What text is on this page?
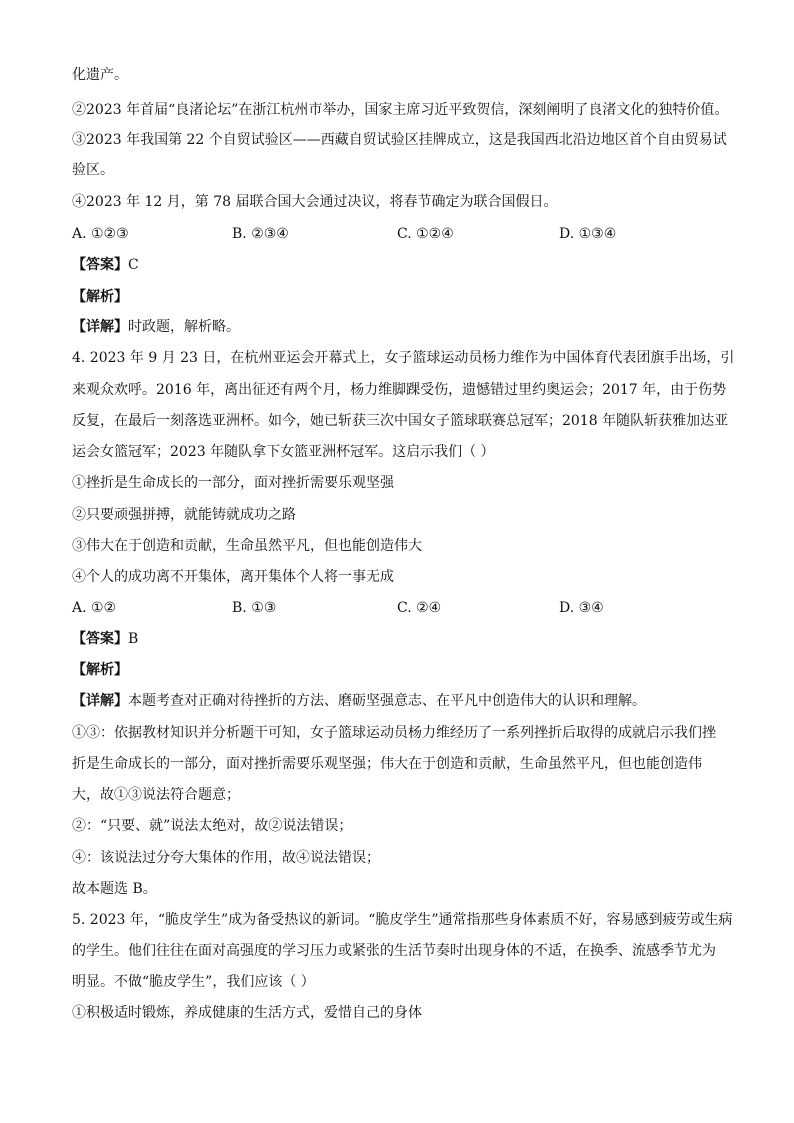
化遗产。
②2023 年首届“良渚论坛”在浙江杭州市举办，国家主席习近平致贺信，深刻阐明了良渚文化的独特价值。
③2023 年我国第 22 个自贸试验区——西藏自贸试验区挂牌成立，这是我国西北沿边地区首个自由贸易试
验区。
④2023 年 12 月，第 78 届联合国大会通过决议，将春节确定为联合国假日。
A. ①②③	B. ②③④	C. ①②④	D. ①③④
【答案】C
【解析】
【详解】时政题，解析略。
4. 2023 年 9 月 23 日，在杭州亚运会开幕式上，女子篮球运动员杨力维作为中国体育代表团旗手出场，引
来观众欢呼。2016 年，离出征还有两个月，杨力维脚踝受伤，遗憾错过里约奥运会；2017 年，由于伤势
反复，在最后一刻落选亚洲杯。如今，她已斩获三次中国女子篮球联赛总冠军；2018 年随队斩获雅加达亚
运会女篮冠军；2023 年随队拿下女篮亚洲杯冠军。这启示我们（ ）
①挫折是生命成长的一部分，面对挫折需要乐观坚强
②只要顽强拼搏，就能铸就成功之路
③伟大在于创造和贡献，生命虽然平凡，但也能创造伟大
④个人的成功离不开集体，离开集体个人将一事无成
A. ①②	B. ①③	C. ②④	D. ③④
【答案】B
【解析】
【详解】本题考查对正确对待挫折的方法、磨砺坚强意志、在平凡中创造伟大的认识和理解。
①③：依据教材知识并分析题干可知，女子篮球运动员杨力维经历了一系列挫折后取得的成就启示我们挫
折是生命成长的一部分，面对挫折需要乐观坚强；伟大在于创造和贡献，生命虽然平凡，但也能创造伟
大，故①③说法符合题意；
②：“只要、就”说法太绝对，故②说法错误；
④：该说法过分夸大集体的作用，故④说法错误；
故本题选 B。
5. 2023 年，“脆皮学生”成为备受热议的新词。“脆皮学生”通常指那些身体素质不好，容易感到疲劳或生病
的学生。他们往往在面对高强度的学习压力或紧张的生活节奏时出现身体的不适，在换季、流感季节尤为
明显。不做“脆皮学生”，我们应该（ ）
①积极适时锻炼，养成健康的生活方式，爱惜自己的身体
